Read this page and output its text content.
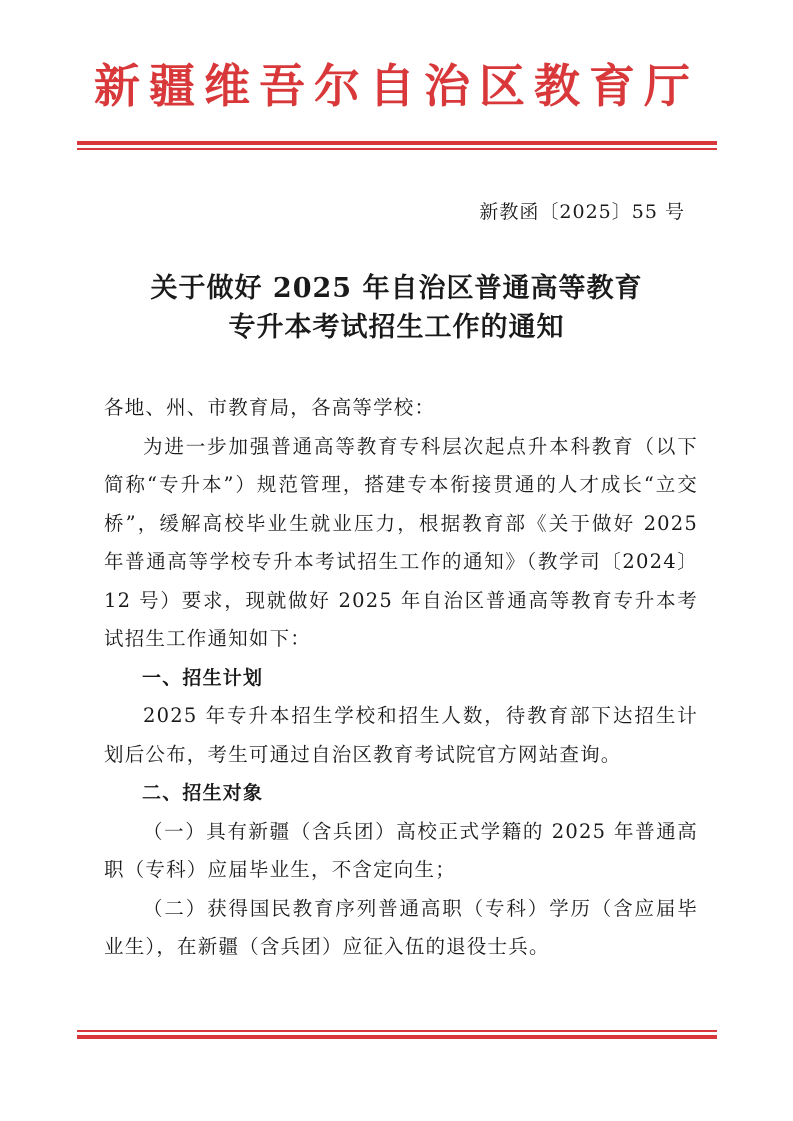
新疆维吾尔自治区教育厅
新教函〔2025〕55 号
关于做好 2025 年自治区普通高等教育
专升本考试招生工作的通知

各地、州、市教育局，各高等学校：

为进一步加强普通高等教育专科层次起点升本科教育（以下简称“专升本”）规范管理，搭建专本衔接贯通的人才成长“立交桥”，缓解高校毕业生就业压力，根据教育部《关于做好 2025 年普通高等学校专升本考试招生工作的通知》（教学司〔2024〕12 号）要求，现就做好 2025 年自治区普通高等教育专升本考试招生工作通知如下：

一、招生计划

2025 年专升本招生学校和招生人数，待教育部下达招生计划后公布，考生可通过自治区教育考试院官方网站查询。

二、招生对象

（一）具有新疆（含兵团）高校正式学籍的 2025 年普通高职（专科）应届毕业生，不含定向生；

（二）获得国民教育序列普通高职（专科）学历（含应届毕业生），在新疆（含兵团）应征入伍的退役士兵。
